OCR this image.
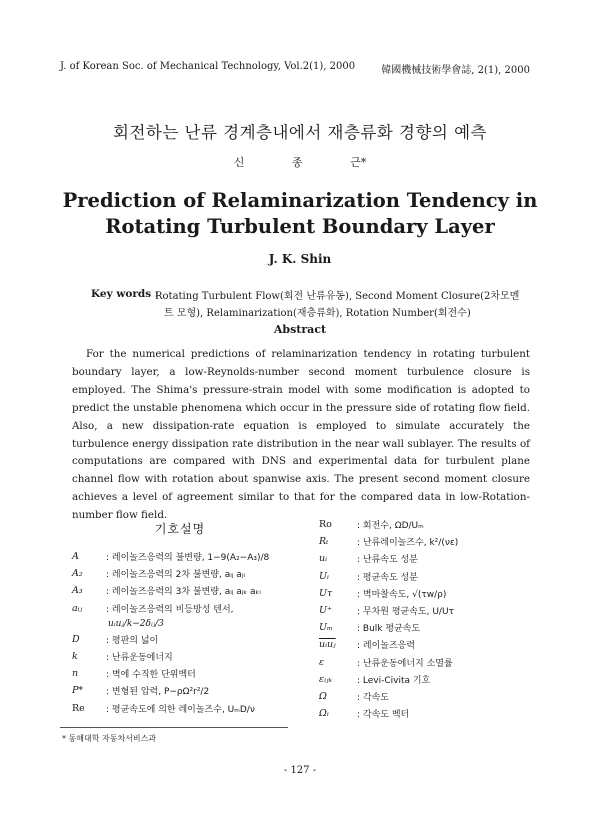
J. of Korean Soc. of Mechanical Technology, Vol.2(1), 2000	韓國機械技術學會誌, 2(1), 2000
회전하는 난류 경계층내에서 재층류화 경향의 예측
신	종	근*
Prediction of Relaminarization Tendency in
Rotating Turbulent Boundary Layer
J. K. Shin
Key words :
Rotating Turbulent Flow(회전 난류유동), Second Moment Closure(2차모멘
트 모형), Relaminarization(재층류화), Rotation Number(회전수)
Abstract

For the numerical predictions of relaminarization tendency in rotating turbulent boundary layer, a low-Reynolds-number second moment turbulence closure is employed. The Shima's pressure-strain model with some modification is adopted to predict the unstable phenomena which occur in the pressure side of rotating flow field. Also, a new dissipation-rate equation is employed to simulate accurately the turbulence energy dissipation rate distribution in the near wall sublayer. The results of computations are compared with DNS and experimental data for turbulent plane channel flow with rotation about spanwise axis. The present second moment closure achieves a level of agreement similar to that for the compared data in low-Rotation-number flow field.

기호설명
A	: 레이놀즈응력의 불변량, 1−9(A₂−A₃)/8
A₂	: 레이놀즈응력의 2차 불변량, aᵢⱼ aⱼᵢ
A₃	: 레이놀즈응력의 3차 불변량, aᵢⱼ aⱼₖ aₖᵢ
aᵢⱼ	: 레이놀즈응력의 비등방성 텐서,
uᵢuⱼ/k−2δᵢⱼ/3
D	: 평판의 넓이
k	: 난류운동에너지
n	: 벽에 수직한 단위벡터
P*	: 변형된 압력, P−ρΩ²r²/2
Re	: 평균속도에 의한 레이놀즈수, UₘD/ν
Ro	: 회전수, ΩD/Uₘ
Rₜ	: 난류레이놀즈수, k²/(νε)
uᵢ	: 난류속도 성분
Uᵢ	: 평균속도 성분
Uτ	: 벽마찰속도, √(τw/ρ)
U⁺	: 무차원 평균속도, U/Uτ
Uₘ	: Bulk 평균속도
uᵢuⱼ	: 레이놀즈응력
ε	: 난류운동에너지 소멸률
εᵢⱼₖ	: Levi-Civita 기호
Ω	: 각속도
Ωᵢ	: 각속도 벡터
* 동해대학 자동차서비스과
- 127 -
